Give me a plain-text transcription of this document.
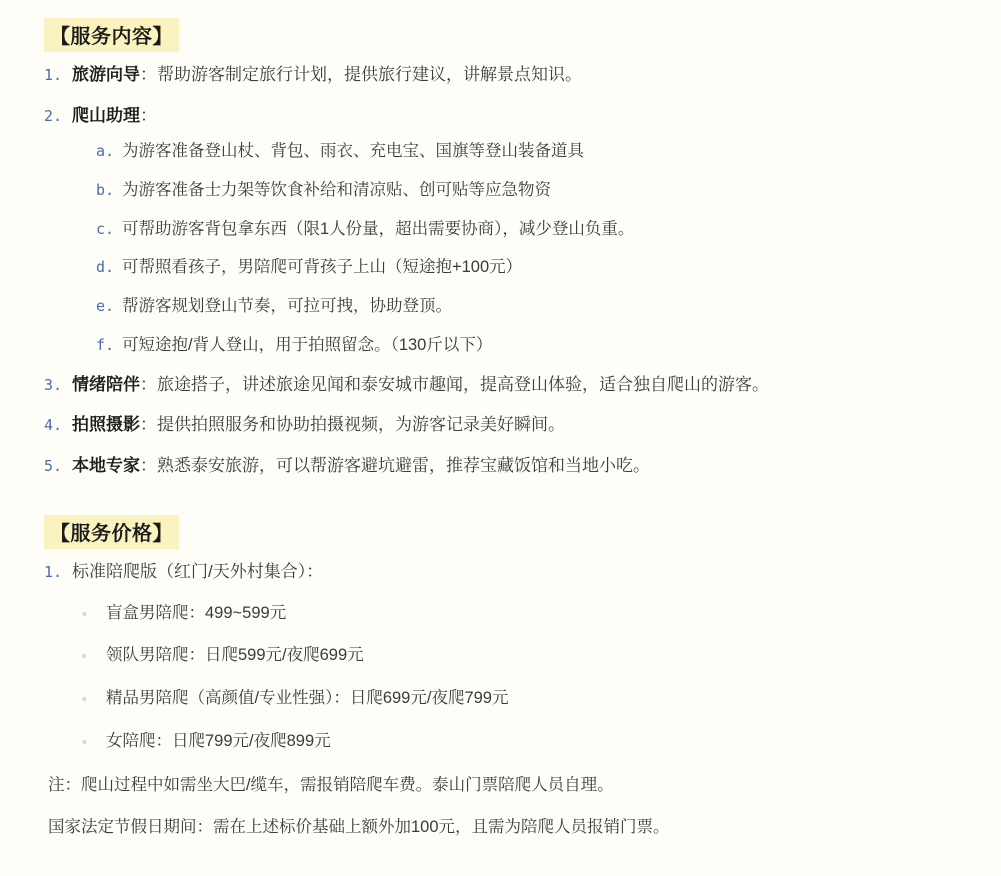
【服务内容】
1. 旅游向导：帮助游客制定旅行计划，提供旅行建议，讲解景点知识。
2. 爬山助理：
a. 为游客准备登山杖、背包、雨衣、充电宝、国旗等登山装备道具
b. 为游客准备士力架等饮食补给和清凉贴、创可贴等应急物资
c. 可帮助游客背包拿东西（限1人份量，超出需要协商），减少登山负重。
d. 可帮照看孩子，男陪爬可背孩子上山（短途抱+100元）
e. 帮游客规划登山节奏，可拉可拽，协助登顶。
f. 可短途抱/背人登山，用于拍照留念。（130斤以下）
3. 情绪陪伴：旅途搭子，讲述旅途见闻和泰安城市趣闻，提高登山体验，适合独自爬山的游客。
4. 拍照摄影：提供拍照服务和协助拍摄视频，为游客记录美好瞬间。
5. 本地专家：熟悉泰安旅游，可以帮游客避坑避雷，推荐宝藏饭馆和当地小吃。
【服务价格】
1. 标准陪爬版（红门/天外村集合）：
◦	盲盒男陪爬：499~599元
◦	领队男陪爬：日爬599元/夜爬699元
◦	精品男陪爬（高颜值/专业性强）：日爬699元/夜爬799元
◦	女陪爬：日爬799元/夜爬899元
注：爬山过程中如需坐大巴/缆车，需报销陪爬车费。泰山门票陪爬人员自理。
国家法定节假日期间：需在上述标价基础上额外加100元，且需为陪爬人员报销门票。
